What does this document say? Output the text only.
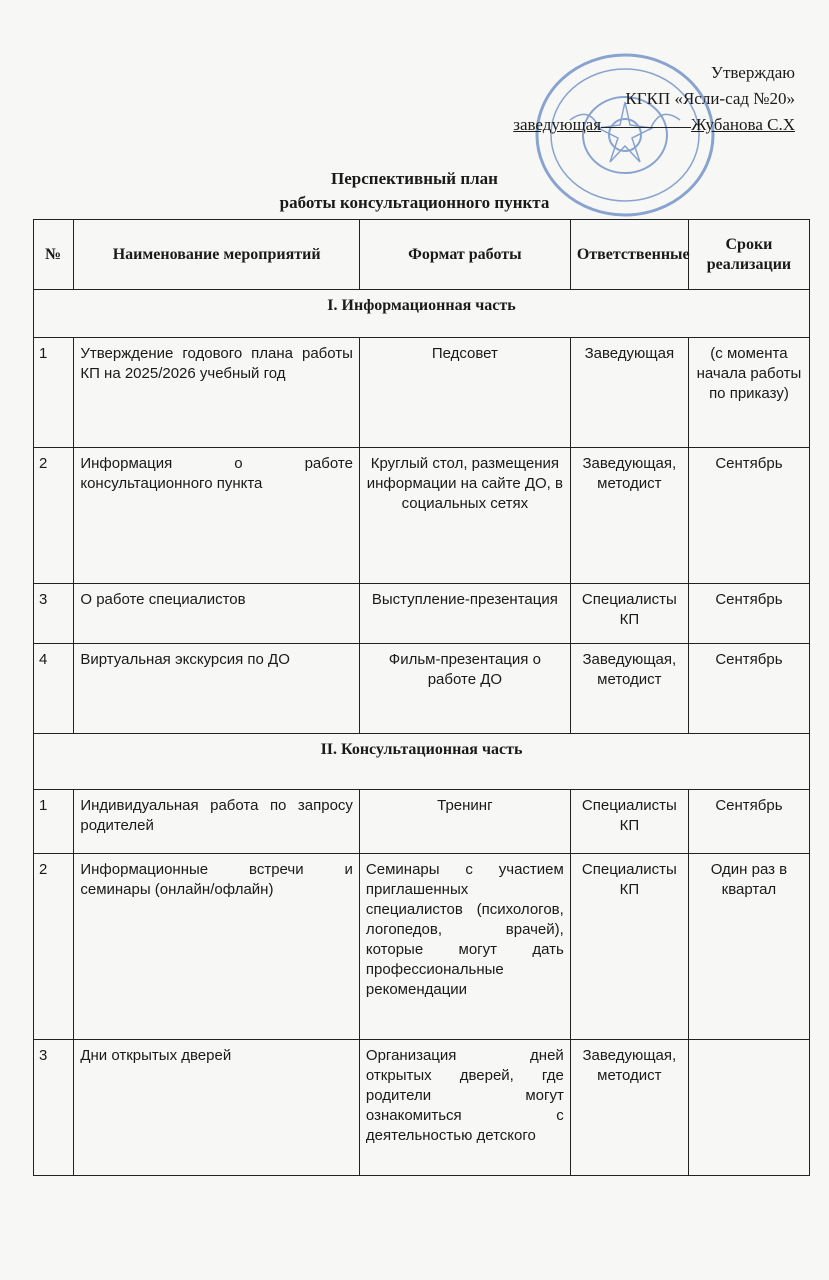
Утверждаю
КГКП «Ясли-сад №20»
заведующая	Жубанова С.Х
Перспективный план
работы консультационного пункта
№	Наименование мероприятий	Формат работы	Ответственные	Сроки реализации
I. Информационная часть				
1	Утверждение годового плана работы КП на 2025/2026 учебный год	Педсовет	Заведующая	(с момента начала работы по приказу)
2	Информация о работе консультационного пункта	Круглый стол, размещения информации на сайте ДО, в социальных сетях	Заведующая, методист	Сентябрь
3	О работе специалистов	Выступление-презентация	Специалисты КП	Сентябрь
4	Виртуальная экскурсия по ДО	Фильм-презентация о работе ДО	Заведующая, методист	Сентябрь
II. Консультационная часть				
1	Индивидуальная работа по запросу родителей	Тренинг	Специалисты КП	Сентябрь
2	Информационные встречи и семинары (онлайн/офлайн)	Семинары с участием приглашенных специалистов (психологов, логопедов, врачей), которые могут дать профессиональные рекомендации	Специалисты КП	Один раз в квартал
3	Дни открытых дверей	Организация дней открытых дверей, где родители могут ознакомиться с деятельностью детского	Заведующая, методист	
